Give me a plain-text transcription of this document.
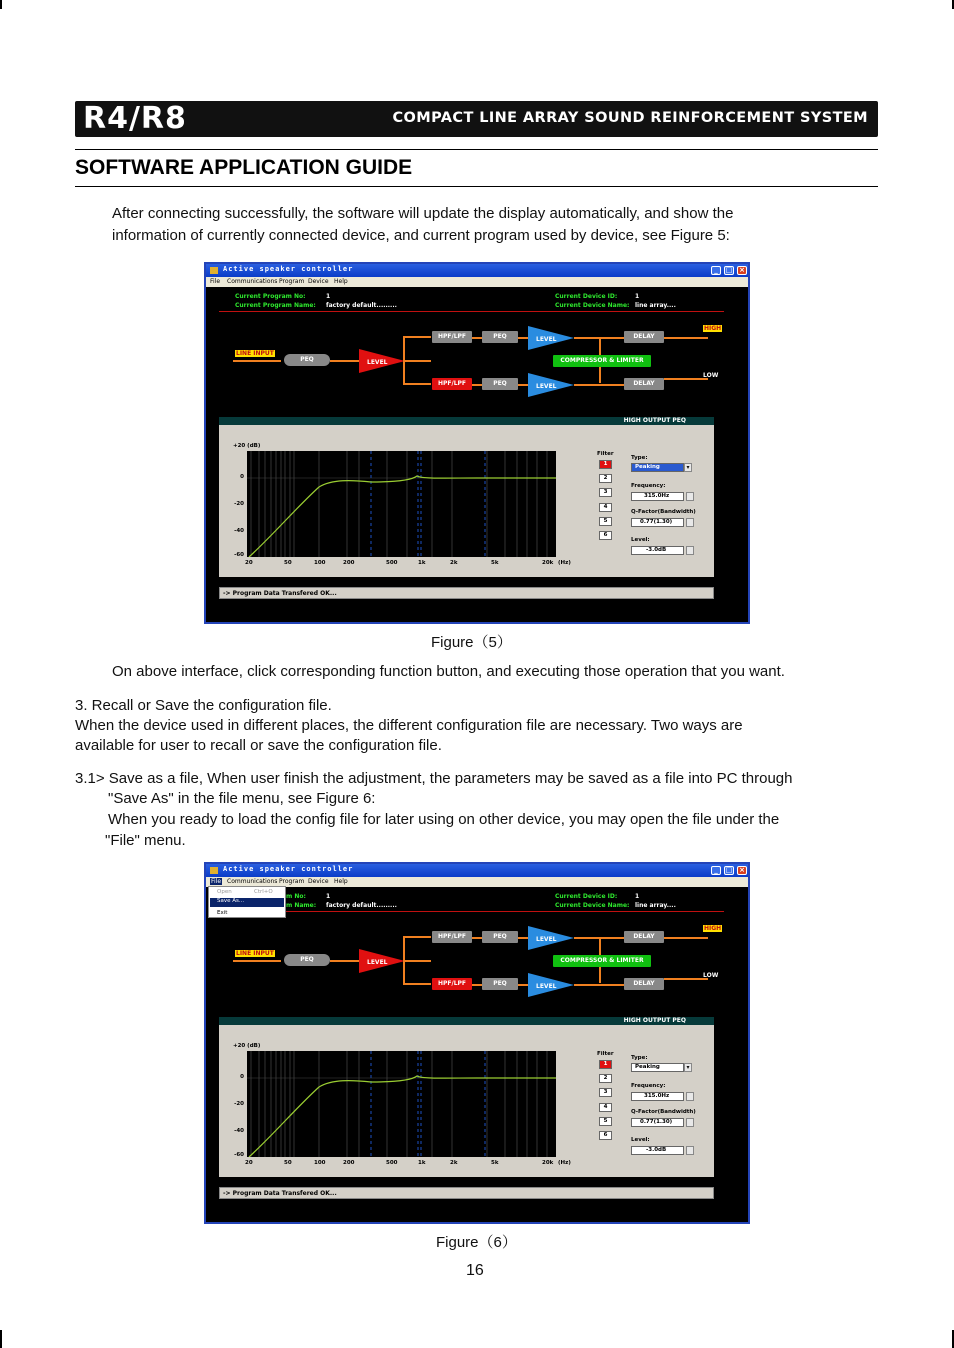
R4/R8	COMPACT LINE ARRAY SOUND REINFORCEMENT SYSTEM
SOFTWARE APPLICATION GUIDE
After connecting successfully, the software will update the display automatically, and show the
information of currently connected device, and current program used by device, see Figure 5:
Active speaker controller	_	□ ×
File Communications Program Device Help
Current Program No:	1
Current Program Name: factory default.........
Current Device ID:	1
Current Device Name: line array....
LINE INPUT
PEQ	LEVEL
HPF/LPF	PEQ	LEVEL	DELAY
HIGH
COMPRESSOR & LIMITER
HPF/LPF	PEQ	LEVEL	DELAY
LOW
HIGH OUTPUT PEQ
+20 (dB)
0
-20
-40
-60
20	50	100	200	500	1k	2k	5k	20k (Hz)
Filter
1
2
3
4
5
6
Type:
Peaking	▾
Frequency:
315.0Hz
Q-Factor(Bandwidth)
0.77(1.30)
Level:
-3.0dB
-> Program Data Transfered OK...
Figure（5）
On above interface, click corresponding function button, and executing those operation that you want.
3. Recall or Save the configuration file.
When the device used in different places, the different configuration file are necessary. Two ways are
available for user to recall or save the configuration file.
3.1> Save as a file, When user finish the adjustment, the parameters may be saved as a file into PC through
"Save As" in the file menu, see Figure 6:
When you ready to load the config file for later using on other device, you may open the file under the
"File" menu.
Active speaker controller	_	□ ×
File Communications Program Device Help
1
m No:
m Name: factory default.........
Current Device ID:	1
Current Device Name: line array....
LINE INPUT
PEQ	LEVEL
HPF/LPF	PEQ	LEVEL	DELAY
HIGH
COMPRESSOR & LIMITER
HPF/LPF	PEQ	LEVEL	DELAY
LOW
HIGH OUTPUT PEQ
+20 (dB)
0
-20
-40
-60
20	50	100	200	500	1k	2k	5k	20k (Hz)
Filter
1
2
3
4
5
6
Type:
Peaking	▾
Frequency:
315.0Hz
Q-Factor(Bandwidth)
0.77(1.30)
Level:
-3.0dB
-> Program Data Transfered OK...
Open	Ctrl+O
Save As...
Exit
Figure（6）
16
